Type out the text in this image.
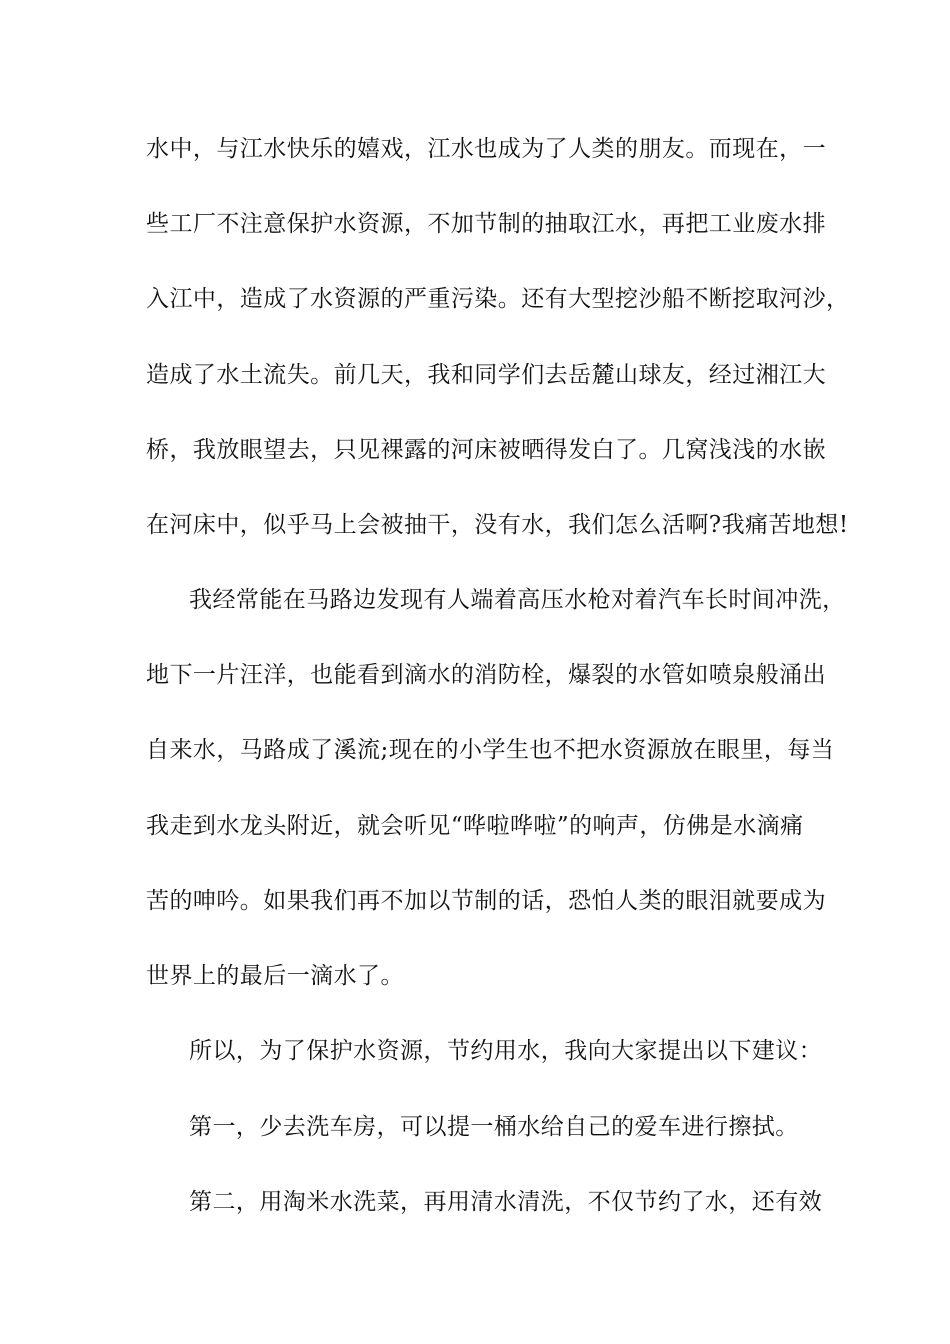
水中，与江水快乐的嬉戏，江水也成为了人类的朋友。而现在，一
些工厂不注意保护水资源，不加节制的抽取江水，再把工业废水排
入江中，造成了水资源的严重污染。还有大型挖沙船不断挖取河沙，
造成了水土流失。前几天，我和同学们去岳麓山球友，经过湘江大
桥，我放眼望去，只见裸露的河床被晒得发白了。几窝浅浅的水嵌
在河床中，似乎马上会被抽干，没有水，我们怎么活啊?我痛苦地想!
我经常能在马路边发现有人端着高压水枪对着汽车长时间冲洗，
地下一片汪洋，也能看到滴水的消防栓，爆裂的水管如喷泉般涌出
自来水，马路成了溪流;现在的小学生也不把水资源放在眼里，每当
我走到水龙头附近，就会听见“哗啦哗啦”的响声，仿佛是水滴痛
苦的呻吟。如果我们再不加以节制的话，恐怕人类的眼泪就要成为
世界上的最后一滴水了。
所以，为了保护水资源，节约用水，我向大家提出以下建议：
第一，少去洗车房，可以提一桶水给自己的爱车进行擦拭。
第二，用淘米水洗菜，再用清水清洗，不仅节约了水，还有效
